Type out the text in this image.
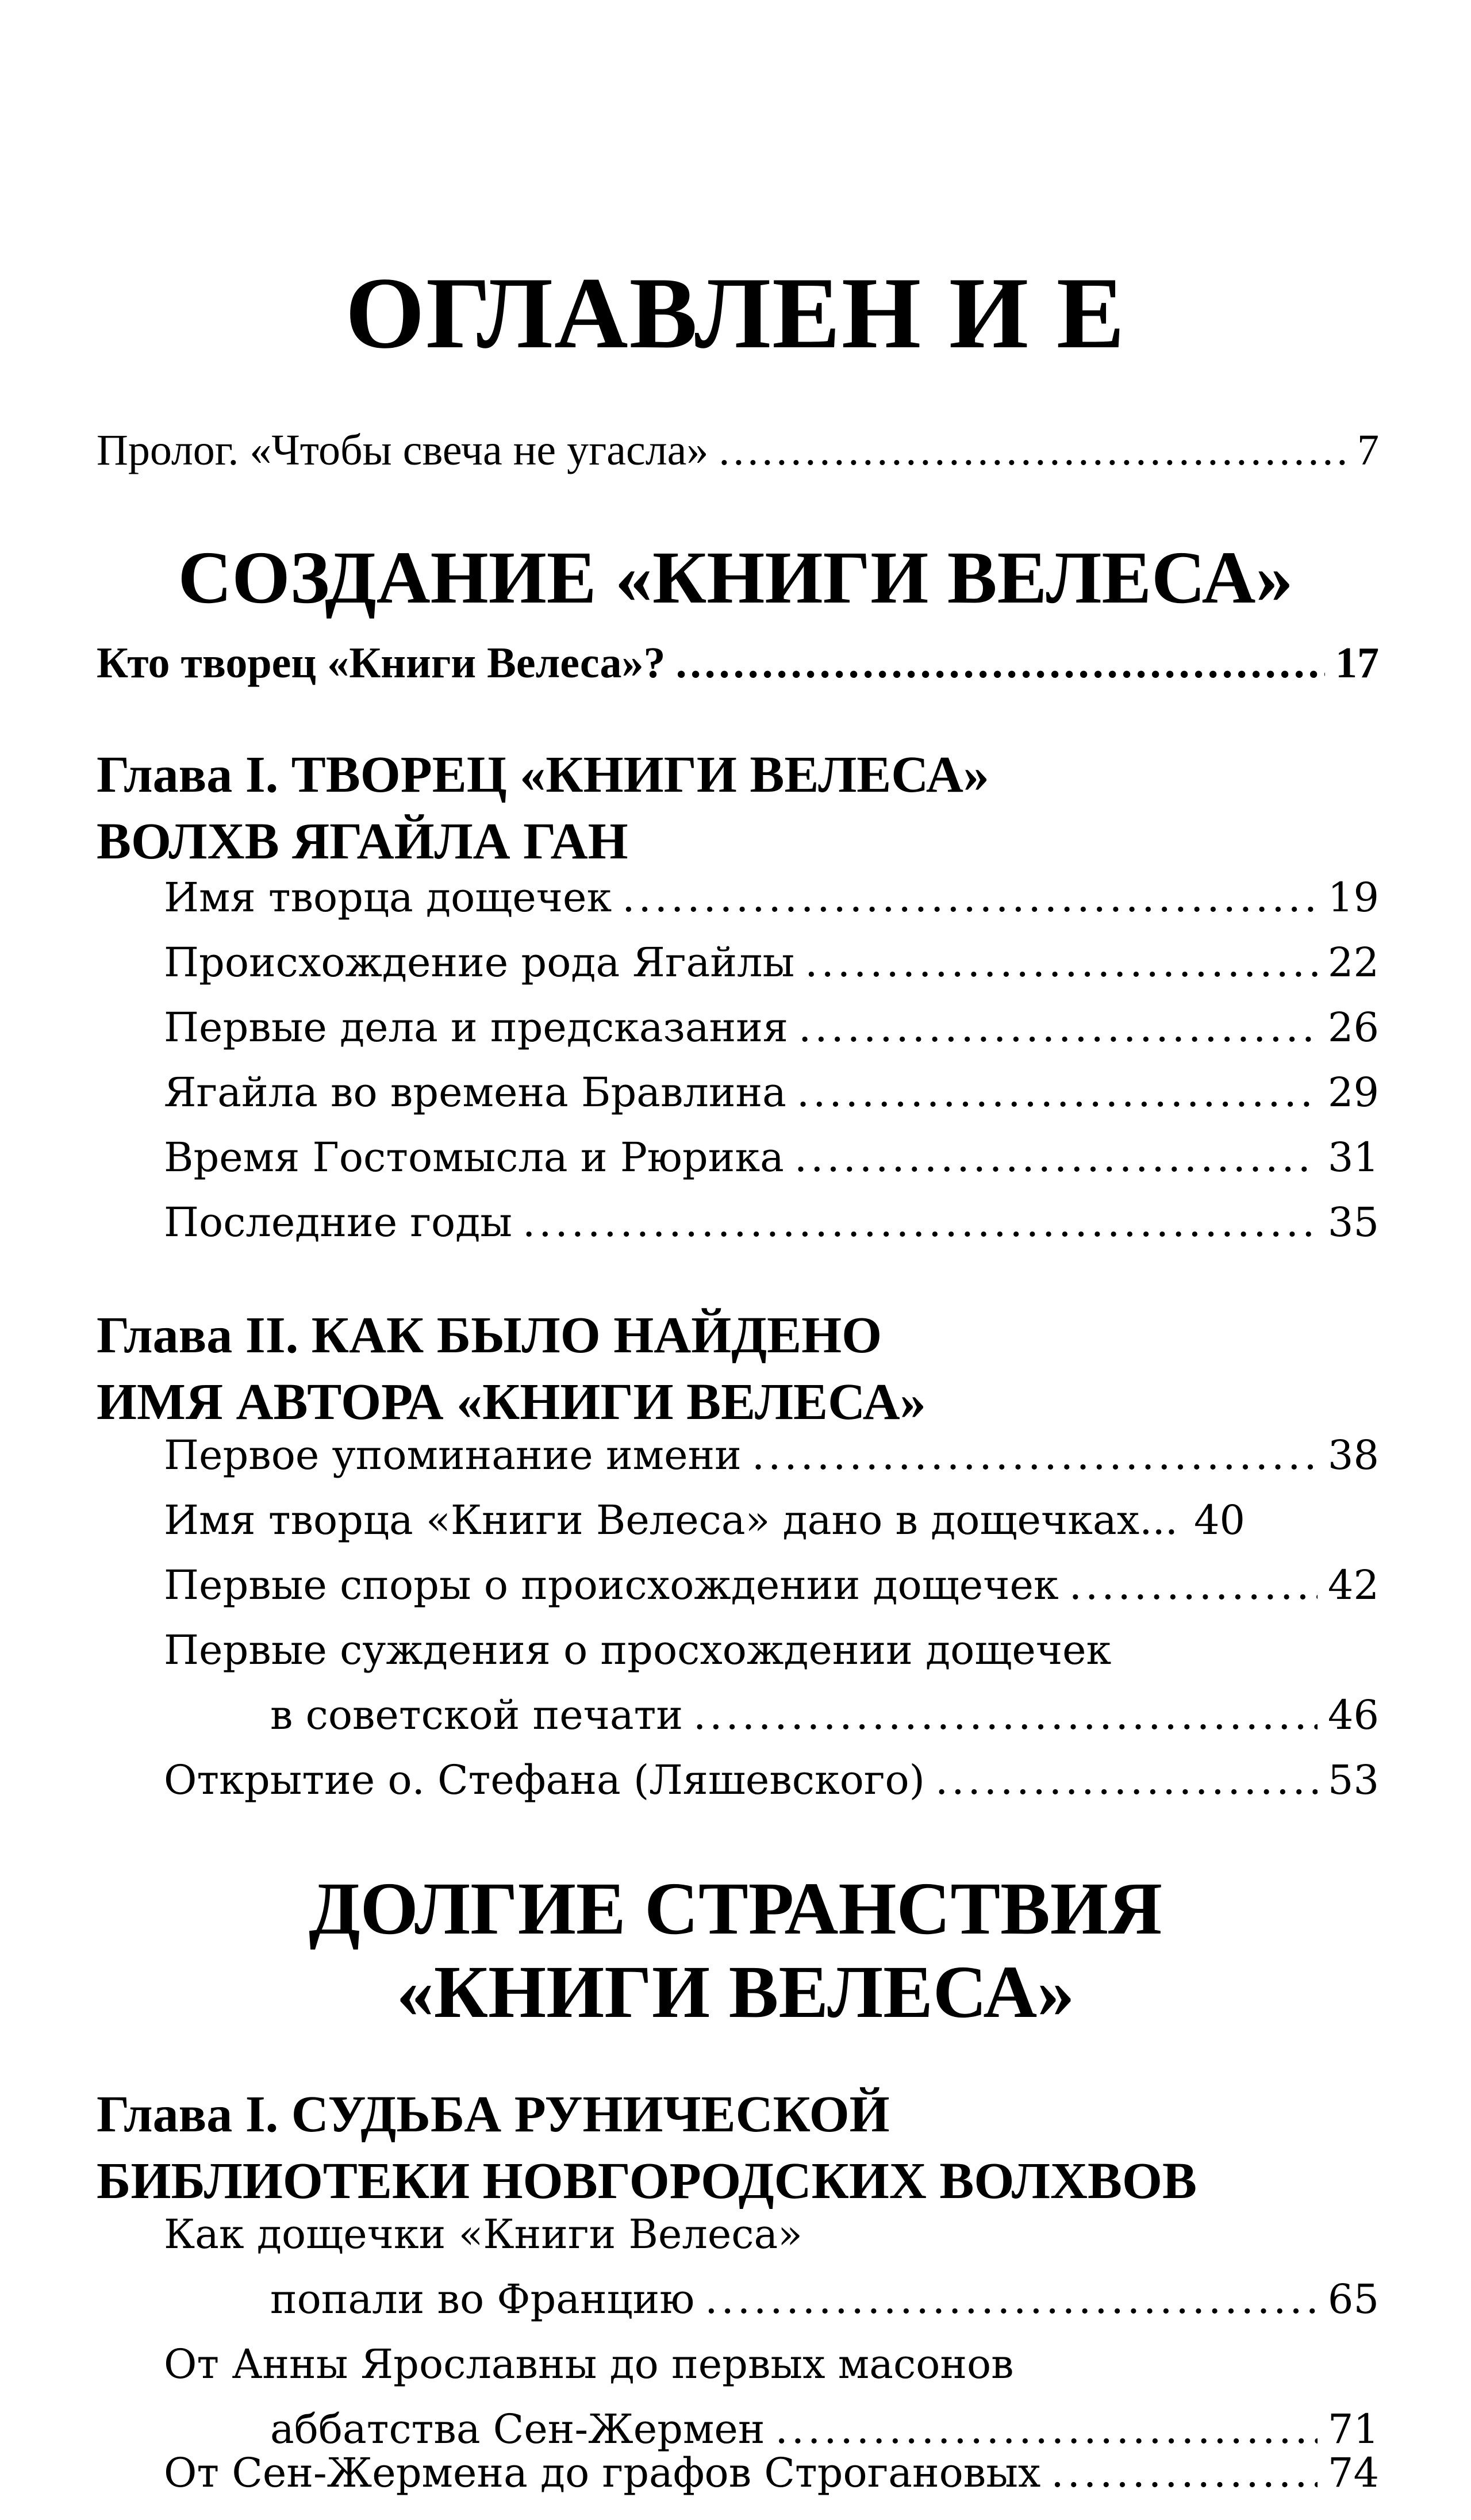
ОГЛАВЛЕН И Е
Пролог. «Чтобы свеча не угасла» .....	7
СОЗДАНИЕ «КНИГИ ВЕЛЕСА»
Кто творец «Книги Велеса»? .....	17
Глава I. ТВОРЕЦ «КНИГИ ВЕЛЕСА»
ВОЛХВ ЯГАЙЛА ГАН
Имя творца дощечек .....	19
Происхождение рода Ягайлы .....	22
Первые дела и предсказания .....	26
Ягайла во времена Бравлина .....	29
Время Гостомысла и Рюрика .....	31
Последние годы .....	35
Глава II. КАК БЫЛО НАЙДЕНО
ИМЯ АВТОРА «КНИГИ ВЕЛЕСА»
Первое упоминание имени .....	38
Имя творца «Книги Велеса» дано в дощечках... 40
Первые споры о происхождении дощечек .....	42
Первые суждения о просхождении дощечек
в советской печати .....	46
Открытие о. Стефана (Ляшевского) .....	53
ДОЛГИЕ СТРАНСТВИЯ
«КНИГИ ВЕЛЕСА»
Глава I. СУДЬБА РУНИЧЕСКОЙ
БИБЛИОТЕКИ НОВГОРОДСКИХ ВОЛХВОВ
Как дощечки «Книги Велеса»
попали во Францию .....	65
От Анны Ярославны до первых масонов
аббатства Сен-Жермен .....	71
От Сен-Жермена до графов Строгановых .....	74
